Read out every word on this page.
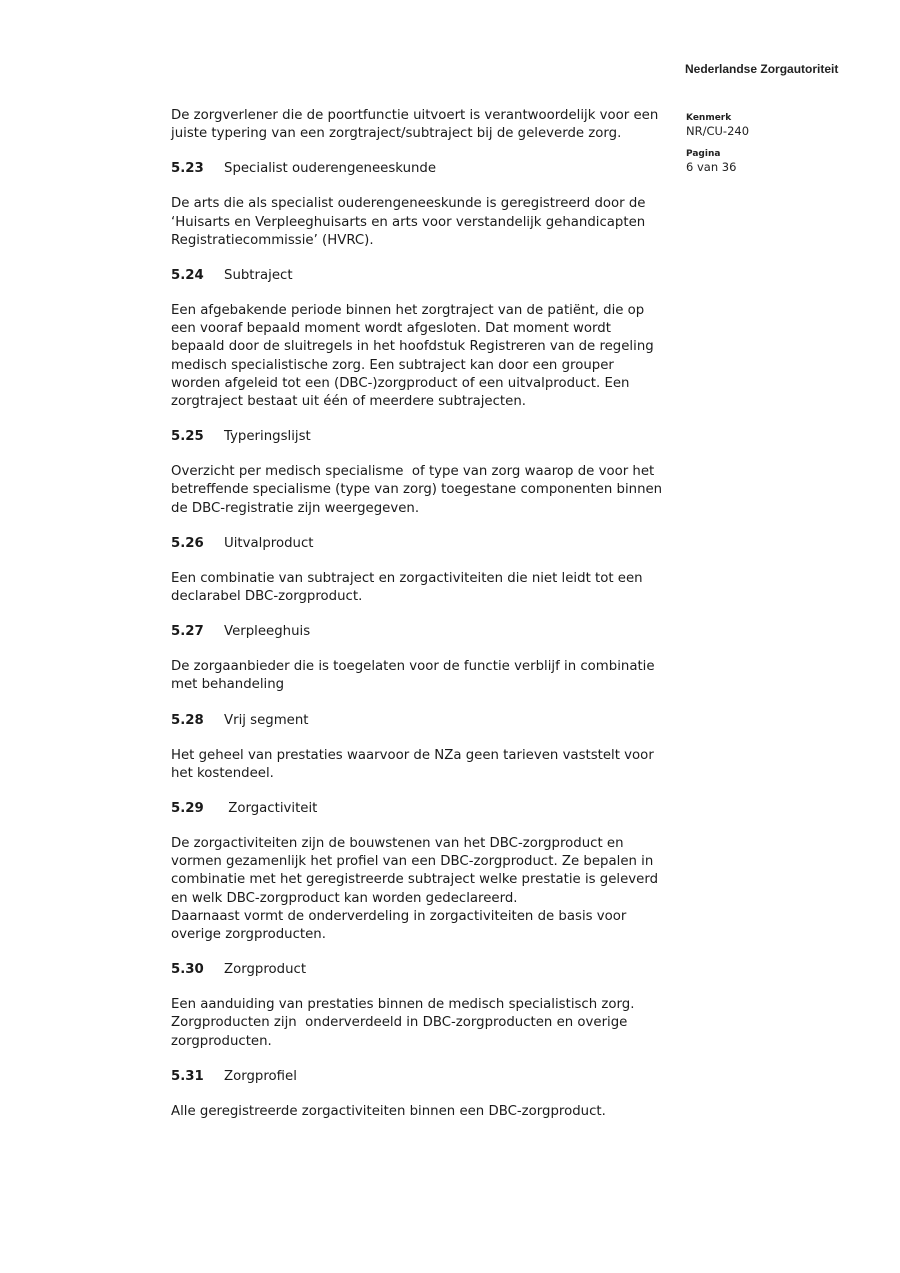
Nederlandse Zorgautoriteit
Kenmerk
NR/CU-240
Pagina
6 van 36

De zorgverlener die de poortfunctie uitvoert is verantwoordelijk voor een

juiste typering van een zorgtraject/subtraject bij de geleverde zorg.

5.23 Specialist ouderengeneeskunde

De arts die als specialist ouderengeneeskunde is geregistreerd door de

‘Huisarts en Verpleeghuisarts en arts voor verstandelijk gehandicapten

Registratiecommissie’ (HVRC).

5.24 Subtraject

Een afgebakende periode binnen het zorgtraject van de patiënt, die op

een vooraf bepaald moment wordt afgesloten. Dat moment wordt

bepaald door de sluitregels in het hoofdstuk Registreren van de regeling

medisch specialistische zorg. Een subtraject kan door een grouper

worden afgeleid tot een (DBC-)zorgproduct of een uitvalproduct. Een

zorgtraject bestaat uit één of meerdere subtrajecten.

5.25 Typeringslijst

Overzicht per medisch specialisme  of type van zorg waarop de voor het

betreffende specialisme (type van zorg) toegestane componenten binnen

de DBC-registratie zijn weergegeven.

5.26 Uitvalproduct

Een combinatie van subtraject en zorgactiviteiten die niet leidt tot een

declarabel DBC-zorgproduct.

5.27 Verpleeghuis

De zorgaanbieder die is toegelaten voor de functie verblijf in combinatie

met behandeling

5.28 Vrij segment

Het geheel van prestaties waarvoor de NZa geen tarieven vaststelt voor

het kostendeel.

5.29 Zorgactiviteit

De zorgactiviteiten zijn de bouwstenen van het DBC-zorgproduct en

vormen gezamenlijk het profiel van een DBC-zorgproduct. Ze bepalen in

combinatie met het geregistreerde subtraject welke prestatie is geleverd

en welk DBC-zorgproduct kan worden gedeclareerd.

Daarnaast vormt de onderverdeling in zorgactiviteiten de basis voor

overige zorgproducten.

5.30 Zorgproduct

Een aanduiding van prestaties binnen de medisch specialistisch zorg.

Zorgproducten zijn  onderverdeeld in DBC-zorgproducten en overige

zorgproducten.

5.31 Zorgprofiel

Alle geregistreerde zorgactiviteiten binnen een DBC-zorgproduct.
